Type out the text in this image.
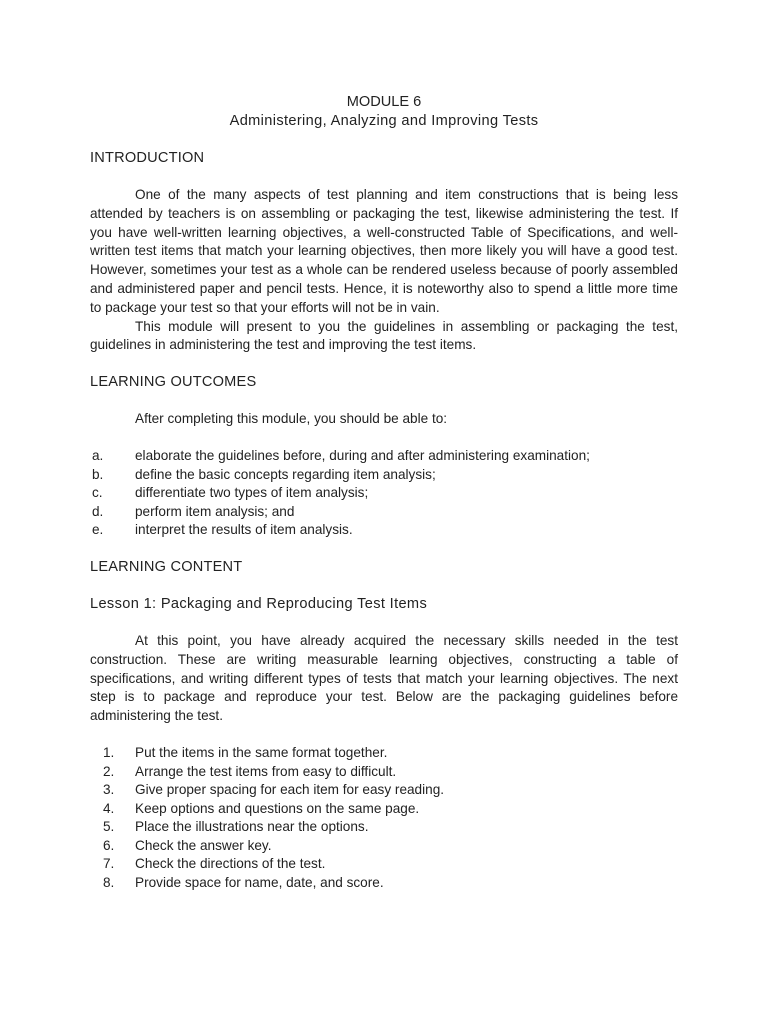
MODULE 6

Administering, Analyzing and Improving Tests

INTRODUCTION

One of the many aspects of test planning and item constructions that is being less attended by teachers is on assembling or packaging the test, likewise administering the test. If you have well-written learning objectives, a well-constructed Table of Specifications, and well-written test items that match your learning objectives, then more likely you will have a good test. However, sometimes your test as a whole can be rendered useless because of poorly assembled and administered paper and pencil tests. Hence, it is noteworthy also to spend a little more time to package your test so that your efforts will not be in vain.

This module will present to you the guidelines in assembling or packaging the test, guidelines in administering the test and improving the test items.

LEARNING OUTCOMES

After completing this module, you should be able to:

a.	elaborate the guidelines before, during and after administering examination;
b.	define the basic concepts regarding item analysis;
c.	differentiate two types of item analysis;
d.	perform item analysis; and
e.	interpret the results of item analysis.

LEARNING CONTENT

Lesson 1: Packaging and Reproducing Test Items

At this point, you have already acquired the necessary skills needed in the test construction. These are writing measurable learning objectives, constructing a table of specifications, and writing different types of tests that match your learning objectives. The next step is to package and reproduce your test. Below are the packaging guidelines before administering the test.

1.	Put the items in the same format together.
2.	Arrange the test items from easy to difficult.
3.	Give proper spacing for each item for easy reading.
4.	Keep options and questions on the same page.
5.	Place the illustrations near the options.
6.	Check the answer key.
7.	Check the directions of the test.
8.	Provide space for name, date, and score.
